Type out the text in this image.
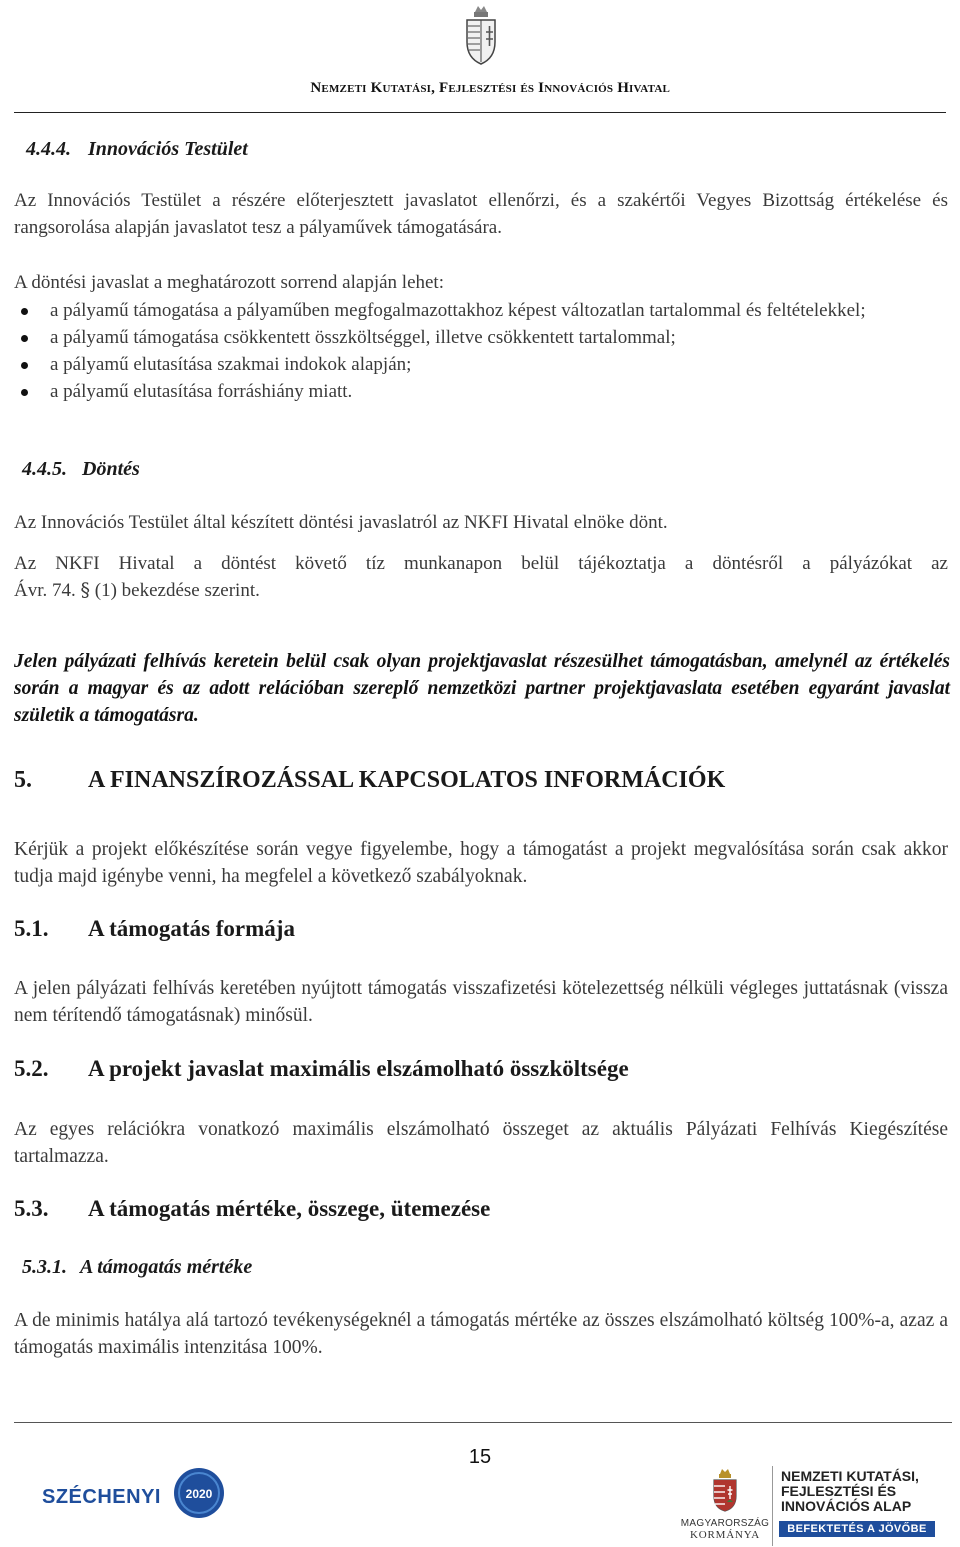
Nemzeti Kutatási, Fejlesztési és Innovációs Hivatal
4.4.4. Innovációs Testület

Az Innovációs Testület a részére előterjesztett javaslatot ellenőrzi, és a szakértői Vegyes Bizottság értékelése és rangsorolása alapján javaslatot tesz a pályaművek támogatására.

A döntési javaslat a meghatározott sorrend alapján lehet:

a pályamű támogatása a pályaműben megfogalmazottakhoz képest változatlan tartalommal és feltételekkel;
a pályamű támogatása csökkentett összköltséggel, illetve csökkentett tartalommal;
a pályamű elutasítása szakmai indokok alapján;
a pályamű elutasítása forráshiány miatt.
4.4.5. Döntés

Az Innovációs Testület által készített döntési javaslatról az NKFI Hivatal elnöke dönt.

Az NKFI Hivatal a döntést követő tíz munkanapon belül tájékoztatja a döntésről a pályázókat az

Ávr. 74. § (1) bekezdése szerint.

Jelen pályázati felhívás keretein belül csak olyan projektjavaslat részesülhet támogatásban, amelynél az értékelés során a magyar és az adott relációban szereplő nemzetközi partner projektjavaslata esetében egyaránt javaslat születik a támogatásra.

5. A FINANSZÍROZÁSSAL KAPCSOLATOS INFORMÁCIÓK

Kérjük a projekt előkészítése során vegye figyelembe, hogy a támogatást a projekt megvalósítása során csak akkor tudja majd igénybe venni, ha megfelel a következő szabályoknak.

5.1. A támogatás formája

A jelen pályázati felhívás keretében nyújtott támogatás visszafizetési kötelezettség nélküli végleges juttatásnak (vissza nem térítendő támogatásnak) minősül.

5.2. A projekt javaslat maximális elszámolható összköltsége

Az egyes relációkra vonatkozó maximális elszámolható összeget az aktuális Pályázati Felhívás Kiegészítése tartalmazza.

5.3. A támogatás mértéke, összege, ütemezése
5.3.1. A támogatás mértéke

A de minimis hatálya alá tartozó tevékenységeknél a támogatás mértéke az összes elszámolható költség 100%-a, azaz a támogatás maximális intenzitása 100%.

15
SZÉCHENYI	2020
MAGYARORSZÁG
KORMÁNYA
NEMZETI KUTATÁSI,
FEJLESZTÉSI ÉS
INNOVÁCIÓS ALAP
BEFEKTETÉS A JÖVŐBE
